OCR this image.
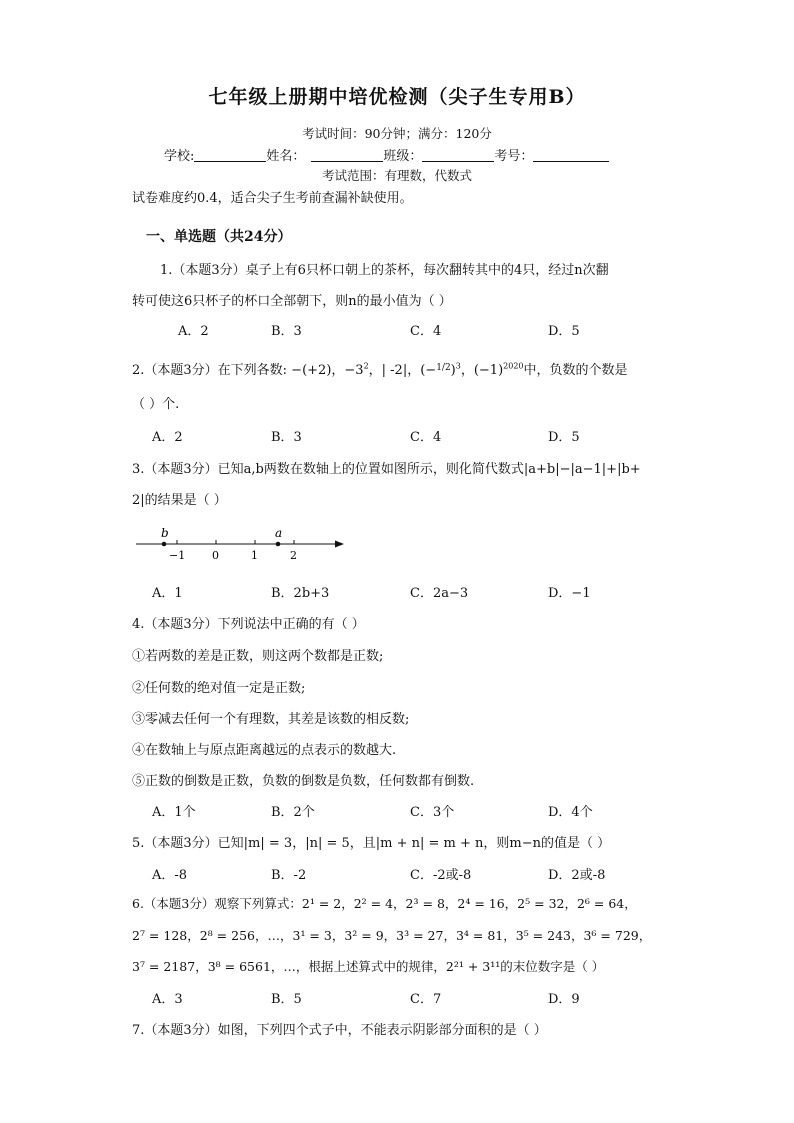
七年级上册期中培优检测（尖子生专用B）
考试时间：90分钟；满分：120分
学校:	姓名：	班级：	考号：
考试范围：有理数，代数式
试卷难度约0.4，适合尖子生考前查漏补缺使用。
一、单选题（共24分）
1.（本题3分）桌子上有6只杯口朝上的茶杯，每次翻转其中的4只，经过n次翻
转可使这6只杯子的杯口全部朝下，则n的最小值为（ ）
A．2	B．3	C．4	D．5
2.（本题3分）在下列各数: −(+2)，$-3^2$，| -2|，$(-^{1/2})^3$，$(-1)^{2020}$中，负数的个数是
（ ）个.
A．2	B．3	C．4	D．5
3.（本题3分）已知a,b两数在数轴上的位置如图所示，则化简代数式|a+b|−|a−1|+|b+
2|的结果是（ ）
b	a
−1 0	1	2
A．1	B．2b+3	C．2a−3	D．−1
4.（本题3分）下列说法中正确的有（ ）
①若两数的差是正数，则这两个数都是正数;
②任何数的绝对值一定是正数;
③零减去任何一个有理数，其差是该数的相反数;
④在数轴上与原点距离越远的点表示的数越大.
⑤正数的倒数是正数，负数的倒数是负数，任何数都有倒数.
A．1个	B．2个	C．3个	D．4个
5.（本题3分）已知|m| = 3，|n| = 5，且|m + n| = m + n，则m−n的值是（ ）
A．-8	B．-2	C．-2或-8	D．2或-8
6.（本题3分）观察下列算式：2¹ = 2，2² = 4，2³ = 8，2⁴ = 16，2⁵ = 32，2⁶ = 64，
2⁷ = 128，2⁸ = 256，…，3¹ = 3，3² = 9，3³ = 27，3⁴ = 81，3⁵ = 243，3⁶ = 729，
3⁷ = 2187，3⁸ = 6561，…，根据上述算式中的规律，2²¹ + 3¹¹的末位数字是（ ）
A．3	B．5	C．7	D．9
7.（本题3分）如图，下列四个式子中，不能表示阴影部分面积的是（ ）
